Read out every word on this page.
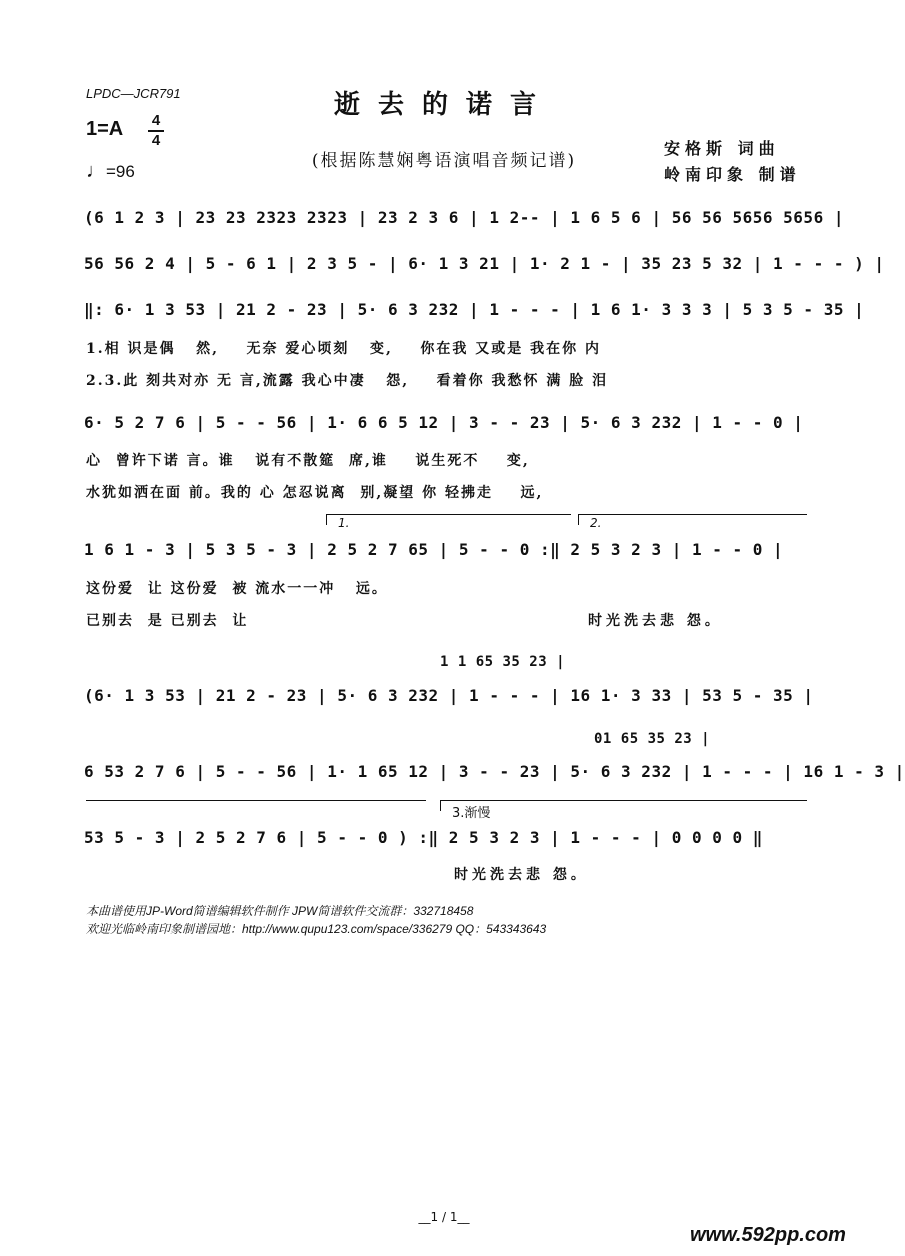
LPDC—JCR791	逝去的诺言
(根据陈慧娴粤语演唱音频记谱)
1=A 4
4
♩=96
安格斯 词曲
岭南印象 制谱
(6 1 2 3 | 23 23 2323 2323 | 23 2 3 6 | 1 2-- | 1 6 5 6 | 56 56 5656 5656 |
56 56 2 4 | 5 - 6 1 | 2 3 5 - | 6· 1 3 21 | 1· 2 1 - | 35 23 5 32 | 1 - - - ) |
‖: 6· 1 3 53 | 21 2 - 23 | 5· 6 3 232 | 1 - - - | 1 6 1· 3 3 3 | 5 3 5 - 35 |
1.相 识是偶   然,    无奈 爱心顷刻   变,    你在我 又或是 我在你 内
2.3.此 刻共对亦 无 言,流露 我心中凄   怨,    看着你 我愁怀 满 脸 泪
6· 5 2 7 6 | 5 - - 56 | 1· 6 6 5 12 | 3 - - 23 | 5· 6 3 232 | 1 - - 0 |
心  曾许下诺 言。谁   说有不散筵  席,谁    说生死不    变,
水犹如洒在面 前。我的 心 怎忍说离  别,凝望 你 轻拂走    远,
1.	2.
1 6 1 - 3 | 5 3 5 - 3 | 2 5 2 7 65 | 5 - - 0 :‖ 2 5 3 2 3 | 1 - - 0 |
这份爱  让 这份爱  被 流水一一冲   远。
已别去  是 已别去  让	时光洗去悲 怨。
1 1 65 35 23 |
(6· 1 3 53 | 21 2 - 23 | 5· 6 3 232 | 1 - - - | 16 1· 3 33 | 53 5 - 35 |
01 65 35 23 |
6 53 2 7 6 | 5 - - 56 | 1· 1 65 12 | 3 - - 23 | 5· 6 3 232 | 1 - - - | 16 1 - 3 |
3.渐慢
53 5 - 3 | 2 5 2 7 6 | 5 - - 0 ) :‖ 2 5 3 2 3 | 1 - - - | 0 0 0 0 ‖
时光洗去悲 怨。
本曲谱使用JP-Word简谱编辑软件制作 JPW简谱软件交流群：332718458
欢迎光临岭南印象制谱园地：http://www.qupu123.com/space/336279 QQ：543343643
__1 / 1__
www.592pp.com
